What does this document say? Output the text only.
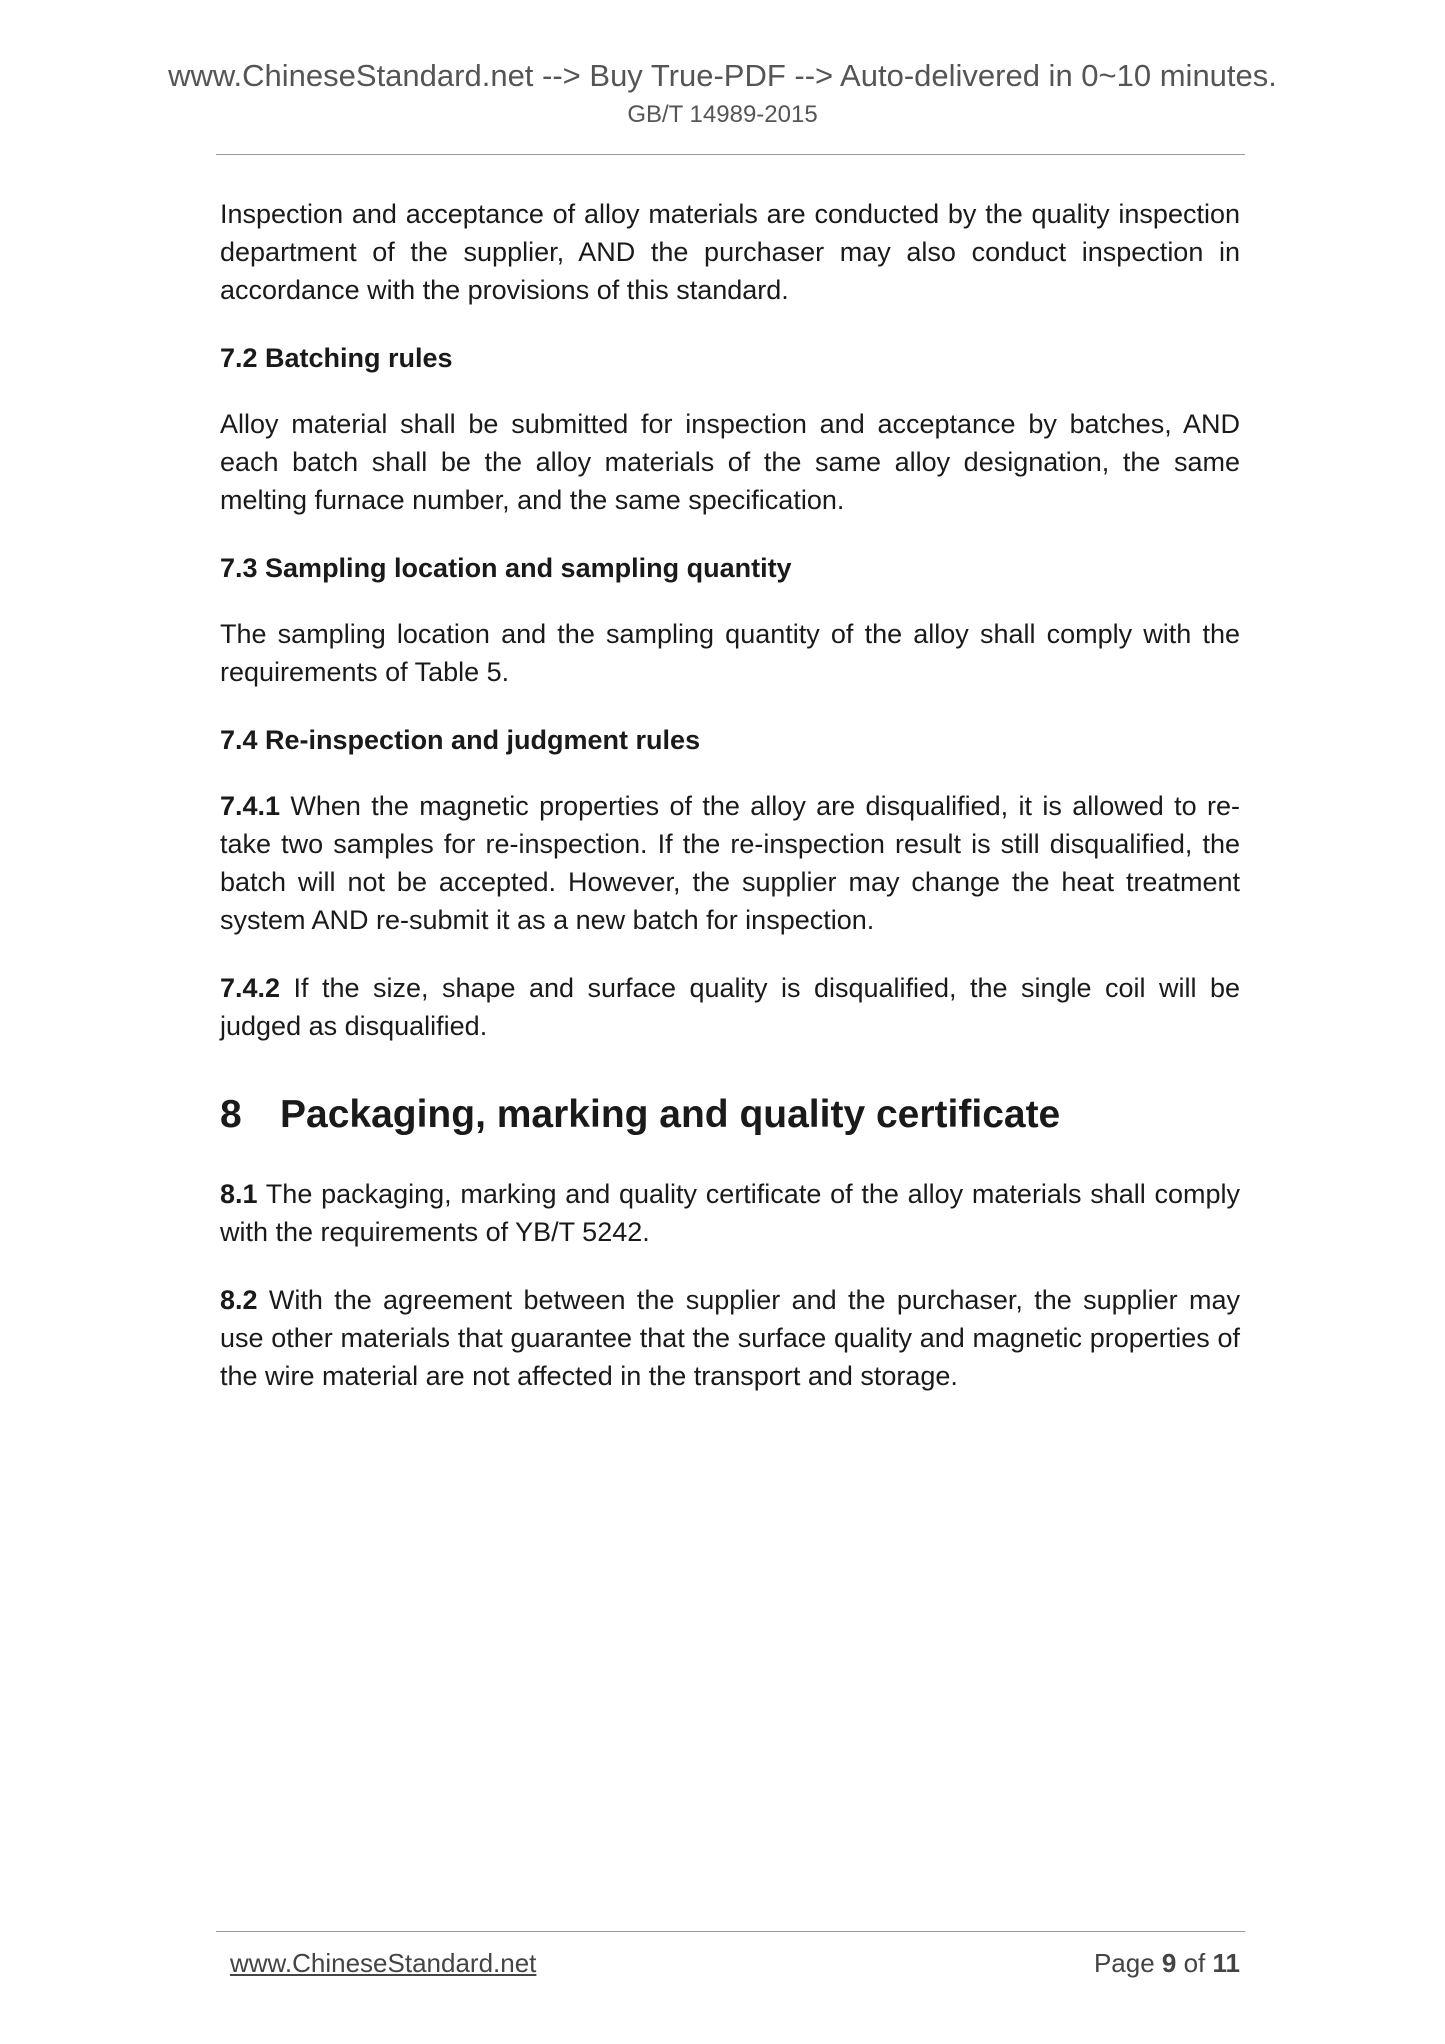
www.ChineseStandard.net --> Buy True-PDF --> Auto-delivered in 0~10 minutes.

GB/T 14989-2015

Inspection and acceptance of alloy materials are conducted by the quality inspection department of the supplier, AND the purchaser may also conduct inspection in accordance with the provisions of this standard.

7.2 Batching rules

Alloy material shall be submitted for inspection and acceptance by batches, AND each batch shall be the alloy materials of the same alloy designation, the same melting furnace number, and the same specification.

7.3 Sampling location and sampling quantity

The sampling location and the sampling quantity of the alloy shall comply with the requirements of Table 5.

7.4 Re-inspection and judgment rules

7.4.1 When the magnetic properties of the alloy are disqualified, it is allowed to re-take two samples for re-inspection. If the re-inspection result is still disqualified, the batch will not be accepted. However, the supplier may change the heat treatment system AND re-submit it as a new batch for inspection.

7.4.2 If the size, shape and surface quality is disqualified, the single coil will be judged as disqualified.

8 Packaging, marking and quality certificate

8.1 The packaging, marking and quality certificate of the alloy materials shall comply with the requirements of YB/T 5242.

8.2 With the agreement between the supplier and the purchaser, the supplier may use other materials that guarantee that the surface quality and magnetic properties of the wire material are not affected in the transport and storage.

www.ChineseStandard.net	Page 9 of 11
